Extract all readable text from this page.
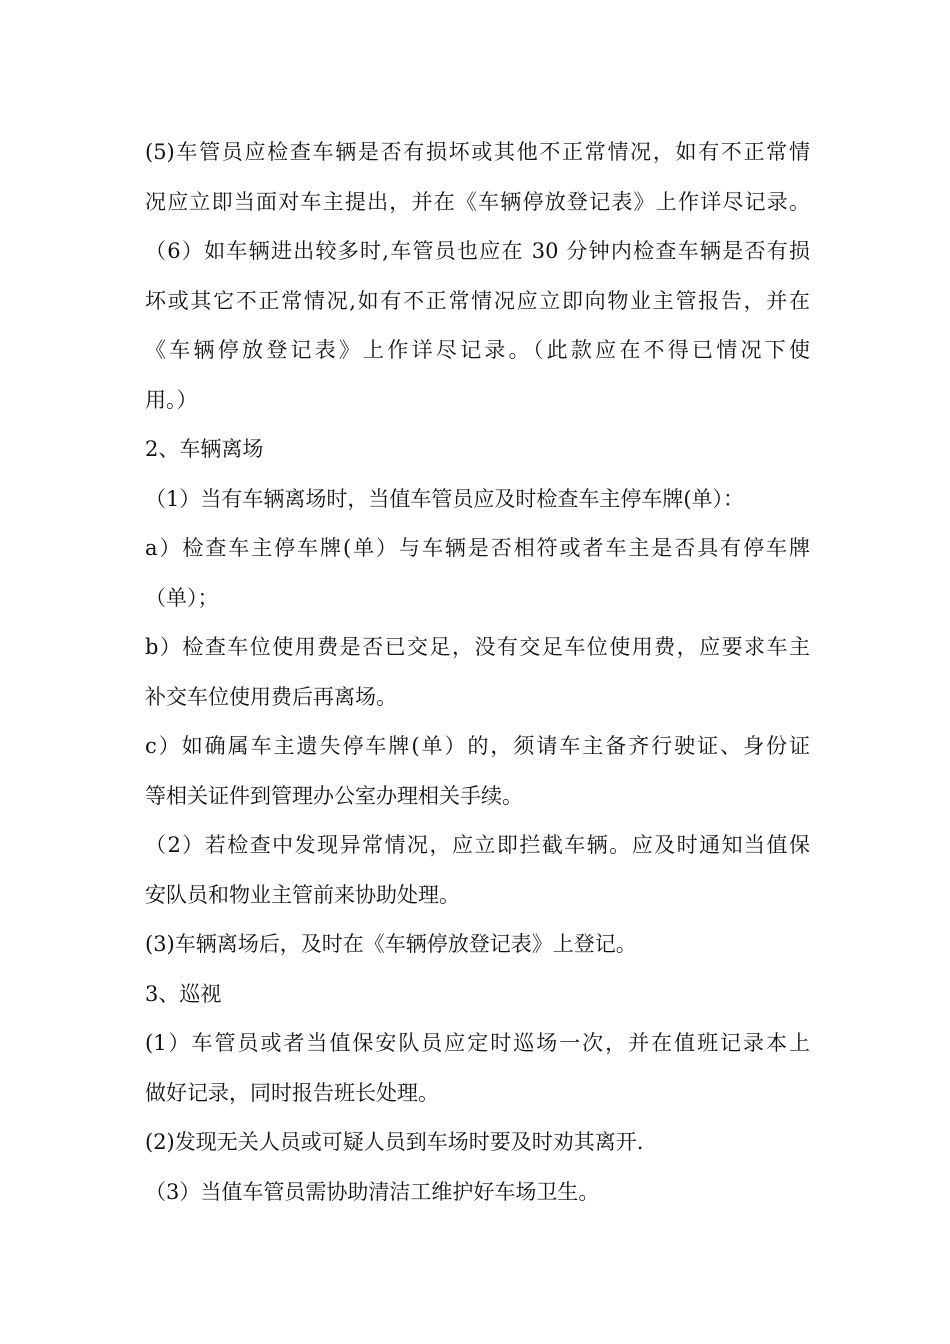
(5)车管员应检查车辆是否有损坏或其他不正常情况，如有不正常情
况应立即当面对车主提出，并在《车辆停放登记表》上作详尽记录。
（6）如车辆进出较多时,车管员也应在 30 分钟内检查车辆是否有损
坏或其它不正常情况,如有不正常情况应立即向物业主管报告，并在
《车辆停放登记表》上作详尽记录。（此款应在不得已情况下使
用。）
2、车辆离场
（1）当有车辆离场时，当值车管员应及时检查车主停车牌(单）：
a）检查车主停车牌(单）与车辆是否相符或者车主是否具有停车牌
（单）；
b）检查车位使用费是否已交足，没有交足车位使用费，应要求车主
补交车位使用费后再离场。
c）如确属车主遗失停车牌(单）的，须请车主备齐行驶证、身份证
等相关证件到管理办公室办理相关手续。
（2）若检查中发现异常情况，应立即拦截车辆。应及时通知当值保
安队员和物业主管前来协助处理。
(3)车辆离场后，及时在《车辆停放登记表》上登记。
3、巡视
(1）车管员或者当值保安队员应定时巡场一次，并在值班记录本上
做好记录，同时报告班长处理。
(2)发现无关人员或可疑人员到车场时要及时劝其离开.
（3）当值车管员需协助清洁工维护好车场卫生。
